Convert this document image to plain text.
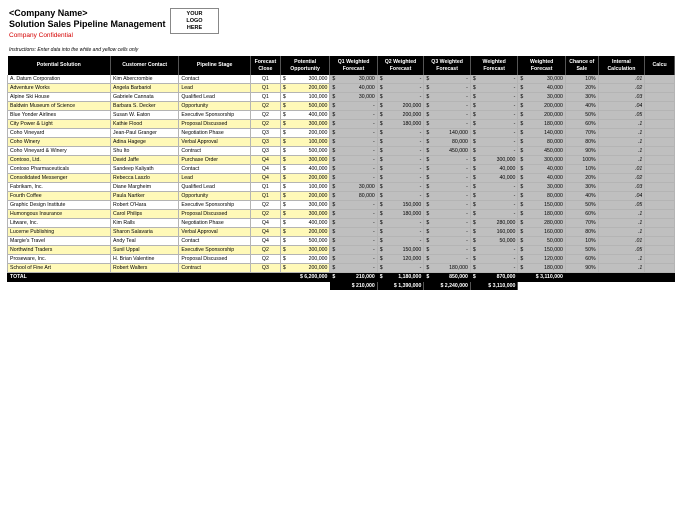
<Company Name>
Solution Sales Pipeline Management
Company Confidential
YOUR LOGO HERE
Instructions: Enter data into the white and yellow cells only
Potential Solution	Customer Contact	Pipeline Stage	Forecast Close	Potential Opportunity	Q1 Weighted Forecast	Q2 Weighted Forecast	Q3 Weighted Forecast	Weighted Forecast	Weighted Forecast	Chance of Sale	Internal Calculation	Calcu
A. Datum Corporation	Kim Abercrombie	Contact	Q1	$ 300,000	$ 30,000	$ -	$ -	$ -	$ 30,000	10%	.01	
Adventure Works	Angela Barbariol	Lead	Q1	$ 200,000	$ 40,000	$ -	$ -	$ -	$ 40,000	20%	.02	
Alpine Ski House	Gabriele Cannata	Qualified Lead	Q1	$ 100,000	$ 30,000	$ -	$ -	$ -	$ 30,000	30%	.03	
Baldwin Museum of Science	Barbara S. Decker	Opportunity	Q2	$ 500,000	$ -	$ 200,000	$ -	$ -	$ 200,000	40%	.04	
Blue Yonder Airlines	Susan W. Eaton	Executive Sponsorship	Q2	$ 400,000	$ -	$ 200,000	$ -	$ -	$ 200,000	50%	.05	
City Power & Light	Kathie Flood	Proposal Discussed	Q2	$ 300,000	$ -	$ 180,000	$ -	$ -	$ 180,000	60%	.1	
Coho Vineyard	Jean-Paul Granger	Negotiation Phase	Q3	$ 200,000	$ -	$ -	$ 140,000	$ -	$ 140,000	70%	.1	
Coho Winery	Adina Hagege	Verbal Approval	Q3	$ 100,000	$ -	$ -	$ 80,000	$ -	$ 80,000	80%	.1	
Coho Vineyard & Winery	Shu Ito	Contract	Q3	$ 500,000	$ -	$ -	$ 450,000	$ -	$ 450,000	90%	.1	
Contoso, Ltd.	David Jaffe	Purchase Order	Q4	$ 300,000	$ -	$ -	$ -	$ 300,000	$ 300,000	100%	.1	
Contoso Pharmaceuticals	Sandeep Kaliyath	Contact	Q4	$ 400,000	$ -	$ -	$ -	$ 40,000	$ 40,000	10%	.01	
Consolidated Messenger	Rebecca Laszlo	Lead	Q4	$ 200,000	$ -	$ -	$ -	$ 40,000	$ 40,000	20%	.02	
Fabrikam, Inc.	Diane Margheim	Qualified Lead	Q1	$ 100,000	$ 30,000	$ -	$ -	$ -	$ 30,000	30%	.03	
Fourth Coffee	Paula Nartker	Opportunity	Q1	$ 200,000	$ 80,000	$ -	$ -	$ -	$ 80,000	40%	.04	
Graphic Design Institute	Robert O'Hara	Executive Sponsorship	Q2	$ 300,000	$ -	$ 150,000	$ -	$ -	$ 150,000	50%	.05	
Humongous Insurance	Carol Philips	Proposal Discussed	Q2	$ 300,000	$ -	$ 180,000	$ -	$ -	$ 180,000	60%	.1	
Litware, Inc.	Kim Ralls	Negotiation Phase	Q4	$ 400,000	$ -	$ -	$ -	$ 280,000	$ 280,000	70%	.1	
Lucerne Publishing	Sharon Salavaria	Verbal Approval	Q4	$ 200,000	$ -	$ -	$ -	$ 160,000	$ 160,000	80%	.1	
Margie's Travel	Andy Teal	Contact	Q4	$ 500,000	$ -	$ -	$ -	$ 50,000	$ 50,000	10%	.01	
Northwind Traders	Sunil Uppal	Executive Sponsorship	Q2	$ 300,000	$ -	$ 150,000	$ -	$ -	$ 150,000	50%	.05	
Proseware, Inc.	H. Brian Valentine	Proposal Discussed	Q2	$ 200,000	$ -	$ 120,000	$ -	$ -	$ 120,000	60%	.1	
School of Fine Art	Robert Walters	Contract	Q3	$ 200,000	$ -	$ -	$ 180,000	$ -	$ 180,000	90%	.1	
TOTAL				$ 6,200,000	$ 210,000	$ 1,180,000	$ 850,000	$ 870,000	$ 3,110,000			
					$ 210,000	$ 1,390,000	$ 2,240,000	$ 3,110,000				
